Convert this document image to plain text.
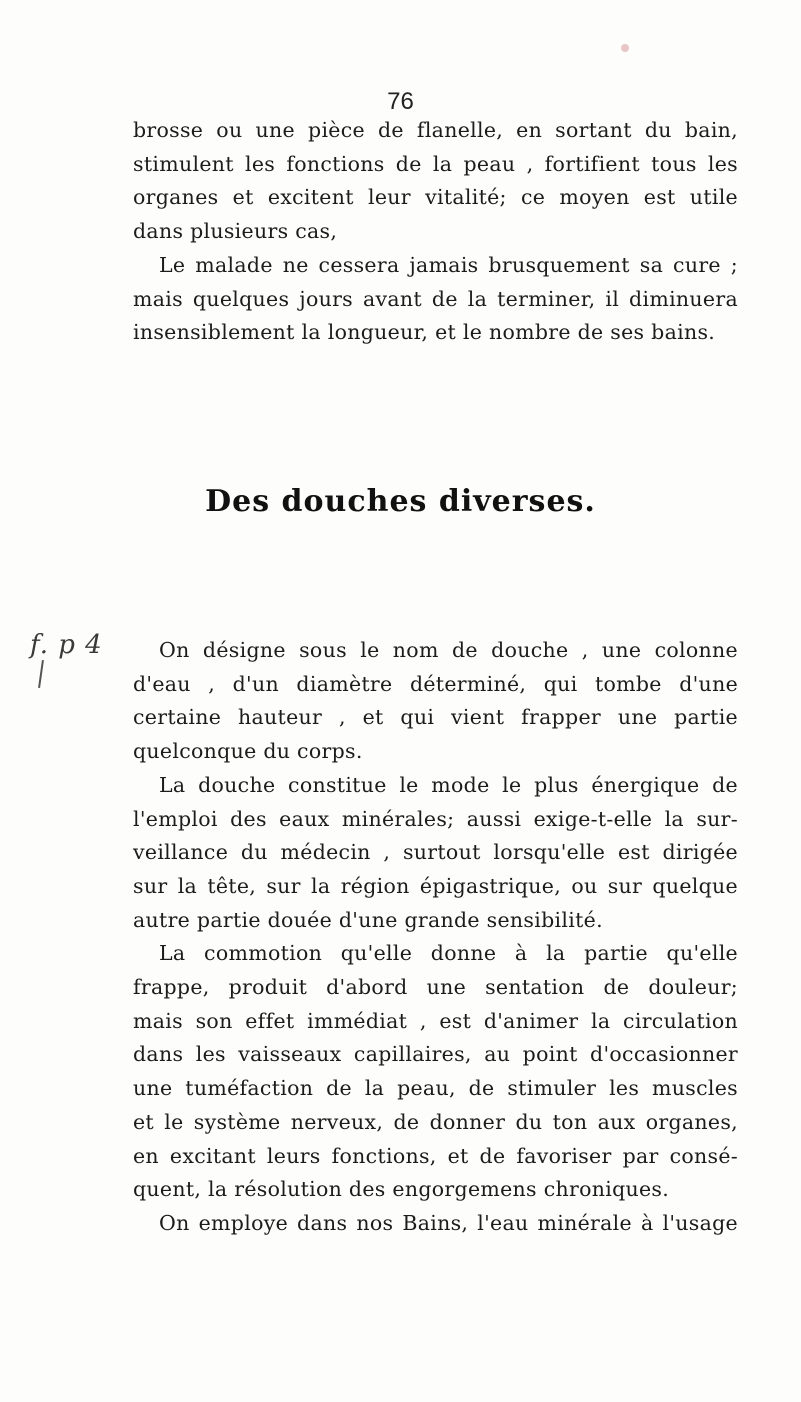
76
brosse ou une pièce de flanelle, en sortant du bain,
stimulent les fonctions de la peau , fortifient tous les
organes et excitent leur vitalité; ce moyen est utile
dans plusieurs cas,
Le malade ne cessera jamais brusquement sa cure ;
mais quelques jours avant de la terminer, il diminuera
insensiblement la longueur, et le nombre de ses bains.
Des douches diverses.
f. p 4	On désigne sous le nom de douche , une colonne
d'eau , d'un diamètre déterminé, qui tombe d'une
certaine hauteur , et qui vient frapper une partie
quelconque du corps.
La douche constitue le mode le plus énergique de
l'emploi des eaux minérales; aussi exige-t-elle la sur-
veillance du médecin , surtout lorsqu'elle est dirigée
sur la tête, sur la région épigastrique, ou sur quelque
autre partie douée d'une grande sensibilité.
La commotion qu'elle donne à la partie qu'elle
frappe, produit d'abord une sentation de douleur;
mais son effet immédiat , est d'animer la circulation
dans les vaisseaux capillaires, au point d'occasionner
une tuméfaction de la peau, de stimuler les muscles
et le système nerveux, de donner du ton aux organes,
en excitant leurs fonctions, et de favoriser par consé-
quent, la résolution des engorgemens chroniques.
On employe dans nos Bains, l'eau minérale à l'usage
